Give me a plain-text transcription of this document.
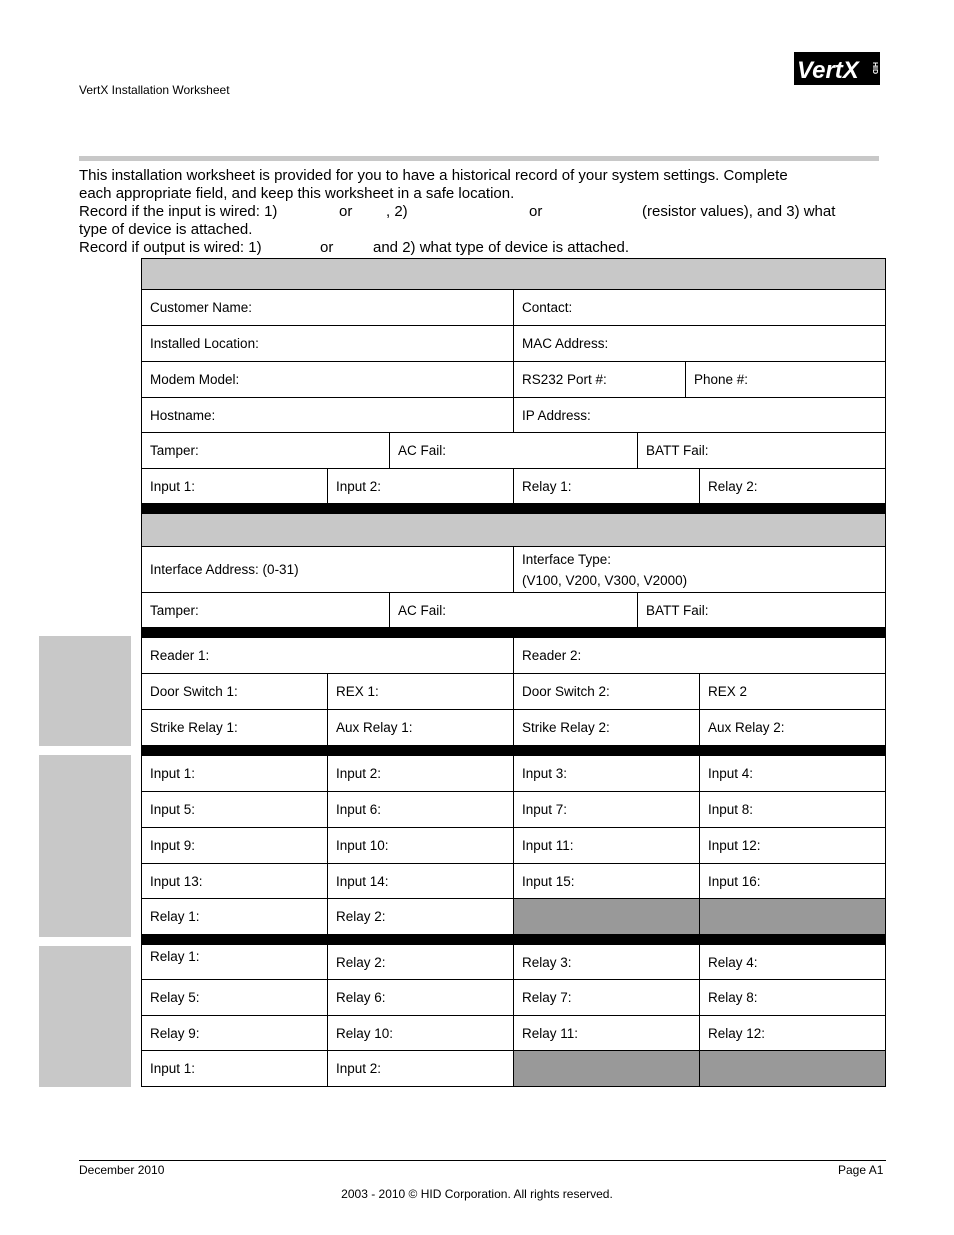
VertX Installation Worksheet
VertX HID
This installation worksheet is provided for you to have a historical record of your system settings. Complete
each appropriate field, and keep this worksheet in a safe location.
Record if the input is wired: 1)	or , 2)	or	(resistor values), and 3) what
type of device is attached.
Record if output is wired: 1)	or	and 2) what type of device is attached.
Customer Name:	Contact:
Installed Location:	MAC Address:
Modem Model:	RS232 Port #:	Phone #:
Hostname:	IP Address:
Tamper:	AC Fail:	BATT Fail:
Input 1:	Input 2:	Relay 1:	Relay 2:
Interface Address: (0-31)
Interface Type:
(V100, V200, V300, V2000)
Tamper:	AC Fail:	BATT Fail:
Reader 1:	Reader 2:
Door Switch 1:	REX 1:	Door Switch 2:	REX 2
Strike Relay 1:	Aux Relay 1:	Strike Relay 2:	Aux Relay 2:
Input 1:	Input 2:	Input 3:	Input 4:
Input 5:	Input 6:	Input 7:	Input 8:
Input 9:	Input 10:	Input 11:	Input 12:
Input 13:	Input 14:	Input 15:	Input 16:
Relay 1:	Relay 2:
Relay 1:	Relay 2:	Relay 3:	Relay 4:
Relay 5:	Relay 6:	Relay 7:	Relay 8:
Relay 9:	Relay 10:	Relay 11:	Relay 12:
Input 1:	Input 2:
December 2010	Page A1
2003 - 2010 © HID Corporation. All rights reserved.
